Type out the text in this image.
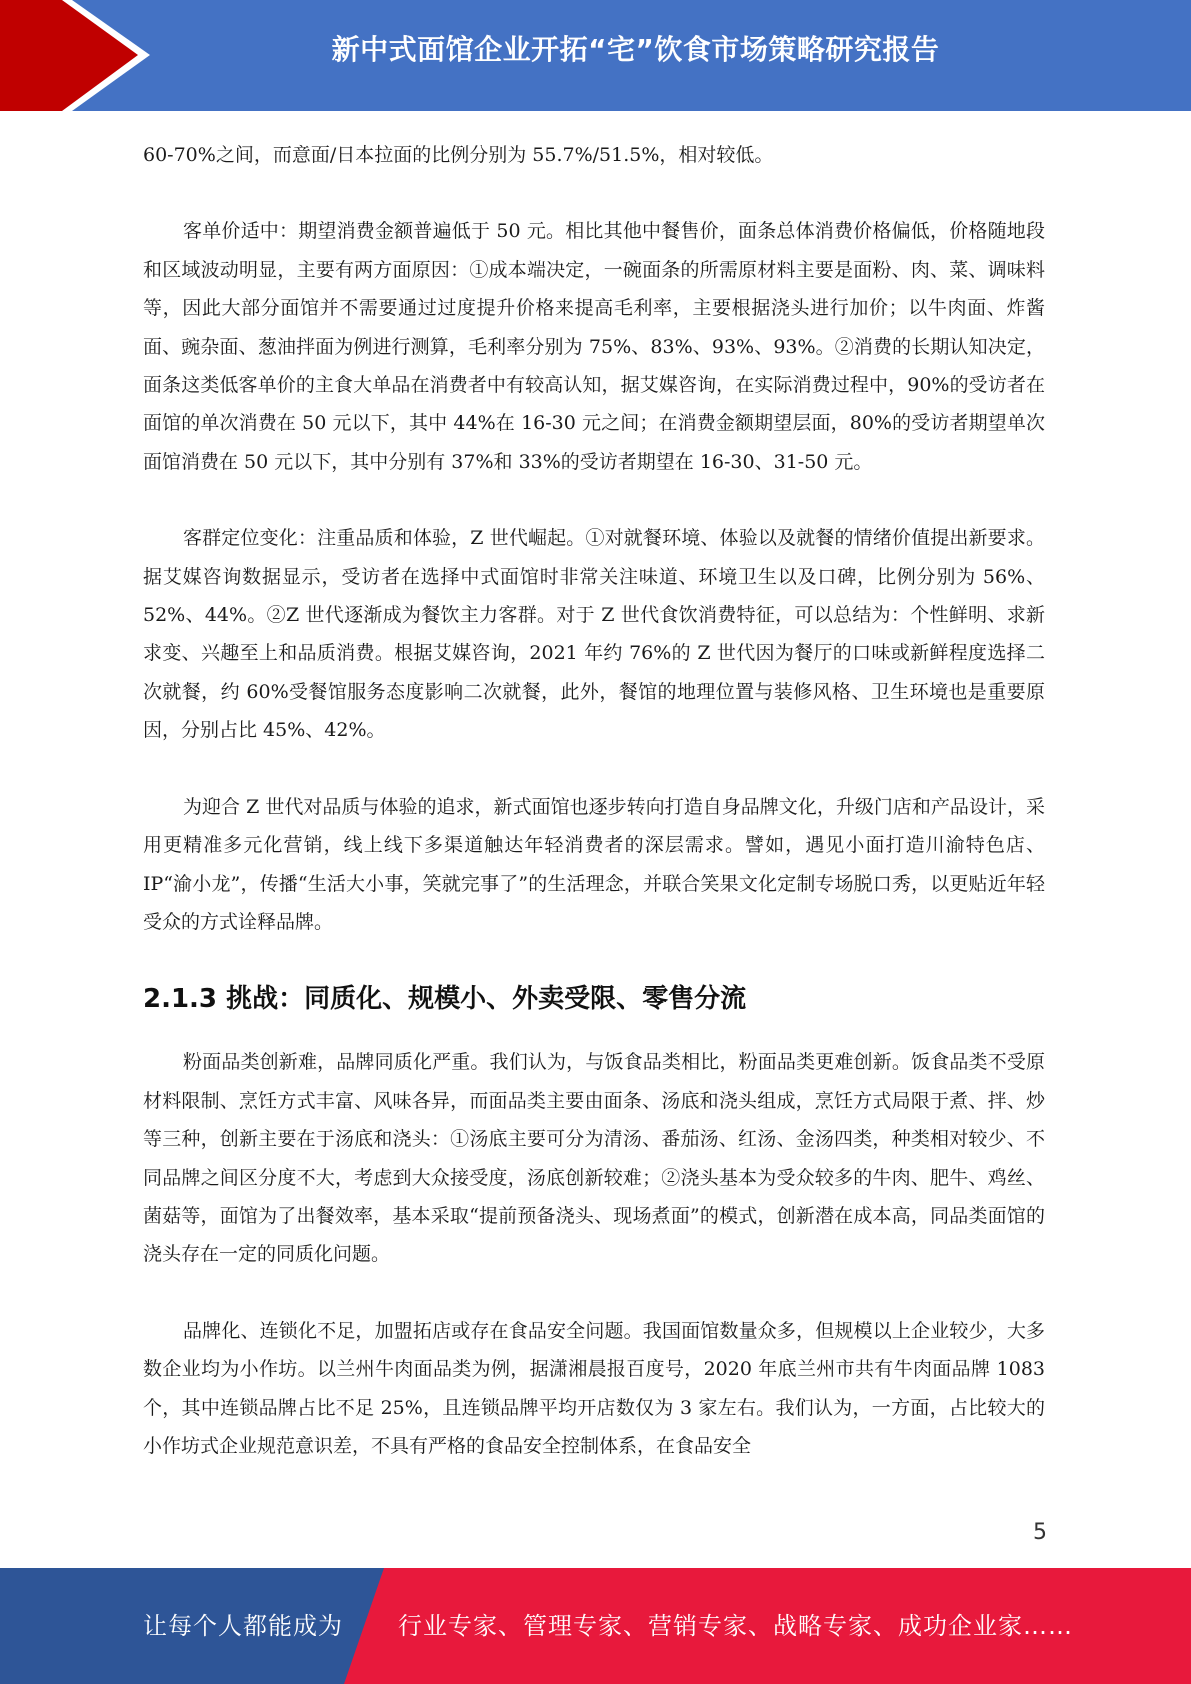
新中式面馆企业开拓“宅”饮食市场策略研究报告

60-70%之间，而意面/日本拉面的比例分别为 55.7%/51.5%，相对较低。

客单价适中：期望消费金额普遍低于 50 元。相比其他中餐售价，面条总体消费价格偏低，价格随地段和区域波动明显，主要有两方面原因：①成本端决定，一碗面条的所需原材料主要是面粉、肉、菜、调味料等，因此大部分面馆并不需要通过过度提升价格来提高毛利率，主要根据浇头进行加价；以牛肉面、炸酱面、豌杂面、葱油拌面为例进行测算，毛利率分别为 75%、83%、93%、93%。②消费的长期认知决定，面条这类低客单价的主食大单品在消费者中有较高认知，据艾媒咨询，在实际消费过程中，90%的受访者在面馆的单次消费在 50 元以下，其中 44%在 16-30 元之间；在消费金额期望层面，80%的受访者期望单次面馆消费在 50 元以下，其中分别有 37%和 33%的受访者期望在 16-30、31-50 元。

客群定位变化：注重品质和体验，Z 世代崛起。①对就餐环境、体验以及就餐的情绪价值提出新要求。据艾媒咨询数据显示，受访者在选择中式面馆时非常关注味道、环境卫生以及口碑，比例分别为 56%、52%、44%。②Z 世代逐渐成为餐饮主力客群。对于 Z 世代食饮消费特征，可以总结为：个性鲜明、求新求变、兴趣至上和品质消费。根据艾媒咨询，2021 年约 76%的 Z 世代因为餐厅的口味或新鲜程度选择二次就餐，约 60%受餐馆服务态度影响二次就餐，此外，餐馆的地理位置与装修风格、卫生环境也是重要原因，分别占比 45%、42%。

为迎合 Z 世代对品质与体验的追求，新式面馆也逐步转向打造自身品牌文化，升级门店和产品设计，采用更精准多元化营销，线上线下多渠道触达年轻消费者的深层需求。譬如，遇见小面打造川渝特色店、IP“渝小龙”，传播“生活大小事，笑就完事了”的生活理念，并联合笑果文化定制专场脱口秀，以更贴近年轻受众的方式诠释品牌。

2.1.3 挑战：同质化、规模小、外卖受限、零售分流

粉面品类创新难，品牌同质化严重。我们认为，与饭食品类相比，粉面品类更难创新。饭食品类不受原材料限制、烹饪方式丰富、风味各异，而面品类主要由面条、汤底和浇头组成，烹饪方式局限于煮、拌、炒等三种，创新主要在于汤底和浇头：①汤底主要可分为清汤、番茄汤、红汤、金汤四类，种类相对较少、不同品牌之间区分度不大，考虑到大众接受度，汤底创新较难；②浇头基本为受众较多的牛肉、肥牛、鸡丝、菌菇等，面馆为了出餐效率，基本采取“提前预备浇头、现场煮面”的模式，创新潜在成本高，同品类面馆的浇头存在一定的同质化问题。

品牌化、连锁化不足，加盟拓店或存在食品安全问题。我国面馆数量众多，但规模以上企业较少，大多数企业均为小作坊。以兰州牛肉面品类为例，据潇湘晨报百度号，2020 年底兰州市共有牛肉面品牌 1083 个，其中连锁品牌占比不足 25%，且连锁品牌平均开店数仅为 3 家左右。我们认为，一方面，占比较大的小作坊式企业规范意识差，不具有严格的食品安全控制体系，在食品安全

5
让每个人都能成为 行业专家、管理专家、营销专家、战略专家、成功企业家……
